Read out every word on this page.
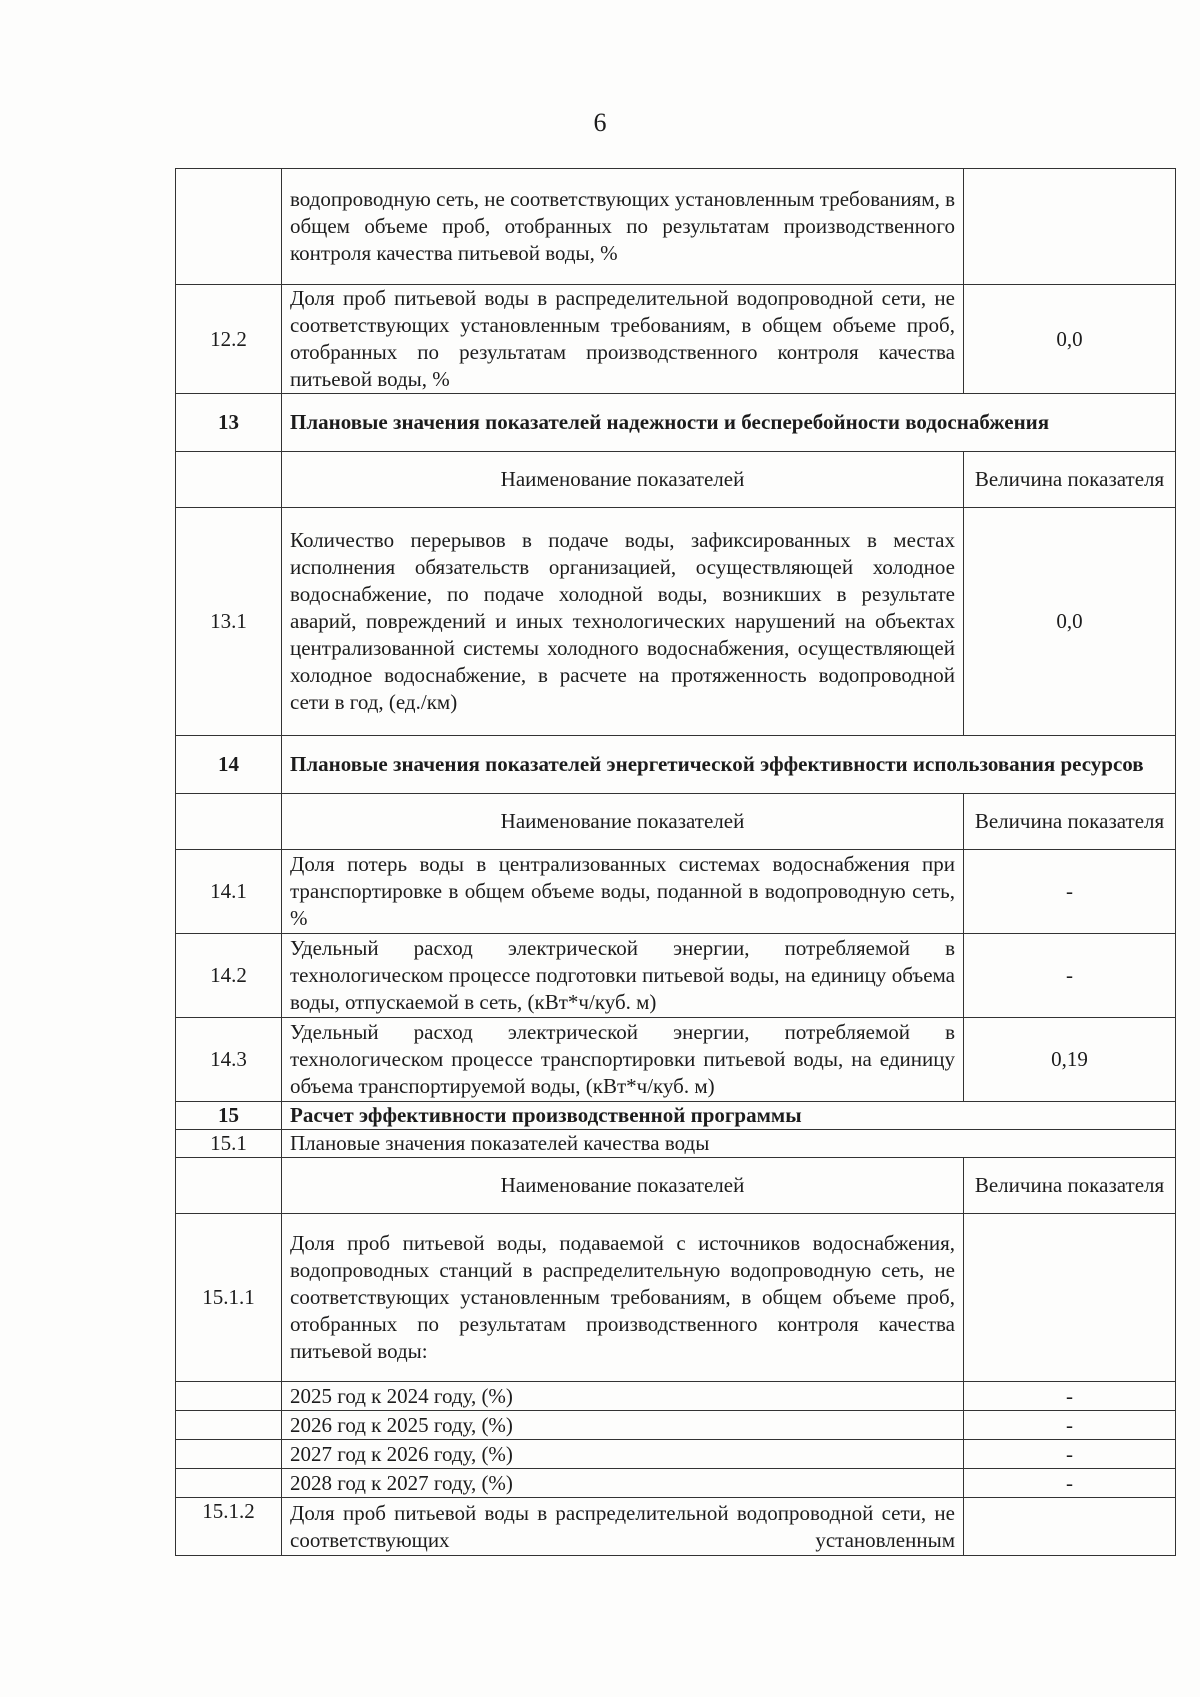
6
	водопроводную сеть, не соответствующих установленным требованиям, в общем объеме проб, отобранных по результатам производственного контроля качества питьевой воды, %	
12.2	Доля проб питьевой воды в распределительной водопроводной сети, не соответствующих установленным требованиям, в общем объеме проб, отобранных по результатам производственного контроля качества питьевой воды, %	0,0
13	Плановые значения показателей надежности и бесперебойности водоснабжения	
	Наименование показателей	Величина показателя
13.1	Количество перерывов в подаче воды, зафиксированных в местах исполнения обязательств организацией, осуществляющей холодное водоснабжение, по подаче холодной воды, возникших в результате аварий, повреждений и иных технологических нарушений на объектах централизованной системы холодного водоснабжения, осуществляющей холодное водоснабжение, в расчете на протяженность водопроводной сети в год, (ед./км)	0,0
14	Плановые значения показателей энергетической эффективности использования ресурсов	
	Наименование показателей	Величина показателя
14.1	Доля потерь воды в централизованных системах водоснабжения при транспортировке в общем объеме воды, поданной в водопроводную сеть, %	-
14.2	Удельный расход электрической энергии, потребляемой в технологическом процессе подготовки питьевой воды, на единицу объема воды, отпускаемой в сеть, (кВт*ч/куб. м)	-
14.3	Удельный расход электрической энергии, потребляемой в технологическом процессе транспортировки питьевой воды, на единицу объема транспортируемой воды, (кВт*ч/куб. м)	0,19
15	Расчет эффективности производственной программы	
15.1	Плановые значения показателей качества воды	
	Наименование показателей	Величина показателя
15.1.1	Доля проб питьевой воды, подаваемой с источников водоснабжения, водопроводных станций в распределительную водопроводную сеть, не соответствующих установленным требованиям, в общем объеме проб, отобранных по результатам производственного контроля качества питьевой воды:	
	2025 год к 2024 году, (%)	-
	2026 год к 2025 году, (%)	-
	2027 год к 2026 году, (%)	-
	2028 год к 2027 году, (%)	-
15.1.2	Доля проб питьевой воды в распределительной водопроводной сети, не соответствующих установленным	
